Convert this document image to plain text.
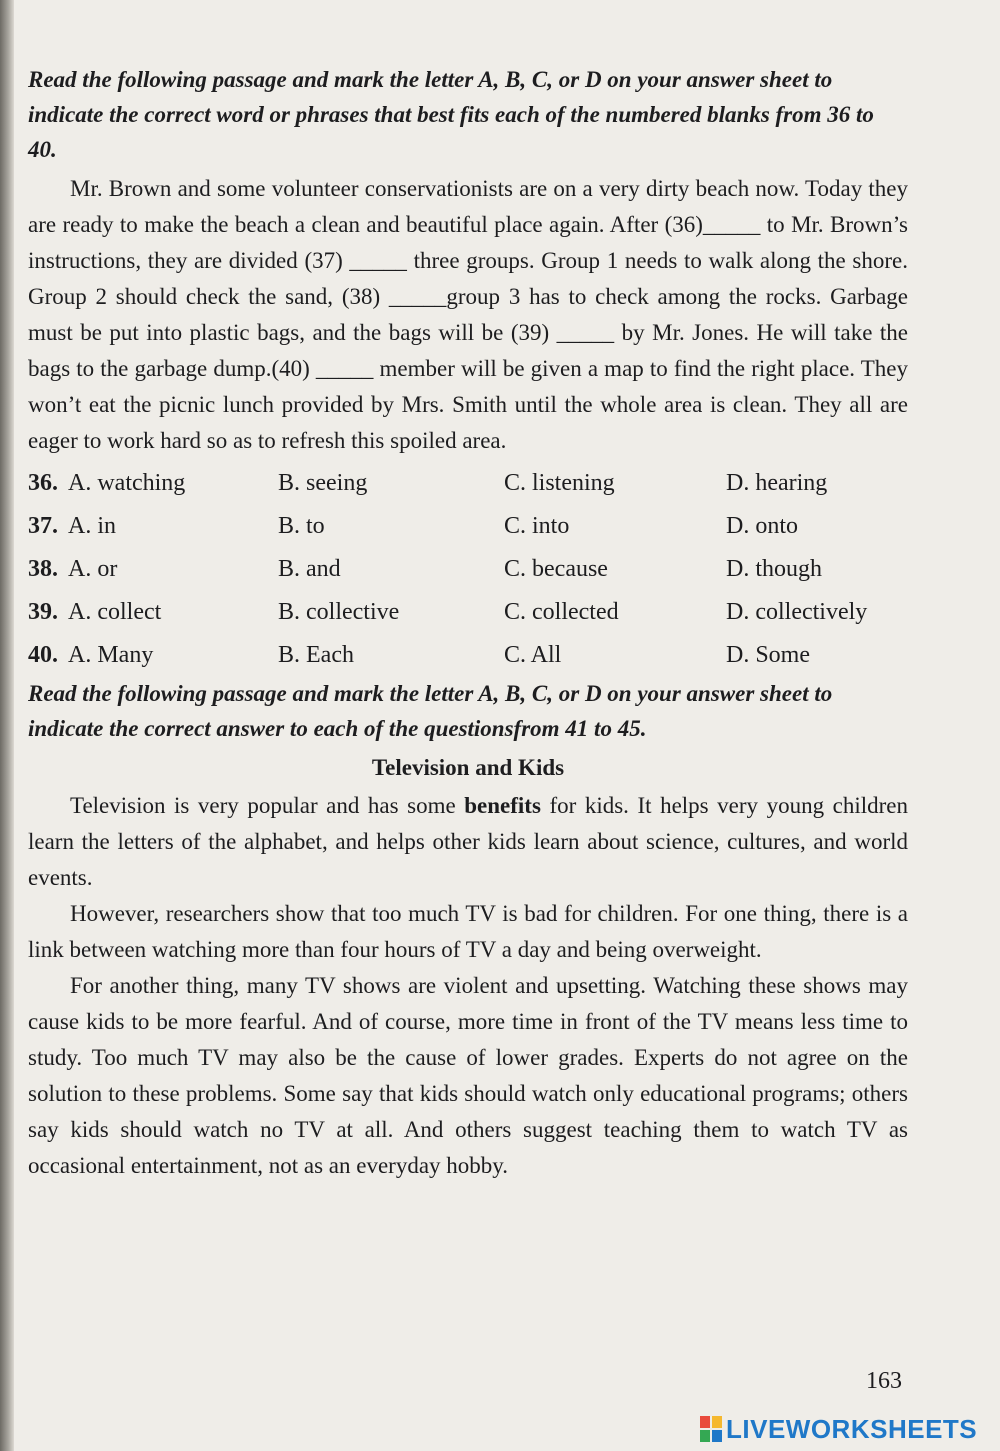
Read the following passage and mark the letter A, B, C, or D on your answer sheet to indicate the correct word or phrases that best fits each of the numbered blanks from 36 to 40.

Mr. Brown and some volunteer conservationists are on a very dirty beach now. Today they are ready to make the beach a clean and beautiful place again. After (36)_____ to Mr. Brown’s instructions, they are divided (37) _____ three groups. Group 1 needs to walk along the shore. Group 2 should check the sand, (38) _____group 3 has to check among the rocks. Garbage must be put into plastic bags, and the bags will be (39) _____ by Mr. Jones. He will take the bags to the garbage dump.(40) _____ member will be given a map to find the right place. They won’t eat the picnic lunch provided by Mrs. Smith until the whole area is clean. They all are eager to work hard so as to refresh this spoiled area.

36.	A. watching	B. seeing	C. listening	D. hearing
37.	A. in	B. to	C. into	D. onto
38.	A. or	B. and	C. because	D. though
39.	A. collect	B. collective	C. collected	D. collectively
40.	A. Many	B. Each	C. All	D. Some

Read the following passage and mark the letter A, B, C, or D on your answer sheet to indicate the correct answer to each of the questionsfrom 41 to 45.

Television and Kids

Television is very popular and has some benefits for kids. It helps very young children learn the letters of the alphabet, and helps other kids learn about science, cultures, and world events.

However, researchers show that too much TV is bad for children. For one thing, there is a link between watching more than four hours of TV a day and being overweight.

For another thing, many TV shows are violent and upsetting. Watching these shows may cause kids to be more fearful. And of course, more time in front of the TV means less time to study. Too much TV may also be the cause of lower grades. Experts do not agree on the solution to these problems. Some say that kids should watch only educational programs; others say kids should watch no TV at all. And others suggest teaching them to watch TV as occasional entertainment, not as an everyday hobby.

163
LIVEWORKSHEETS
